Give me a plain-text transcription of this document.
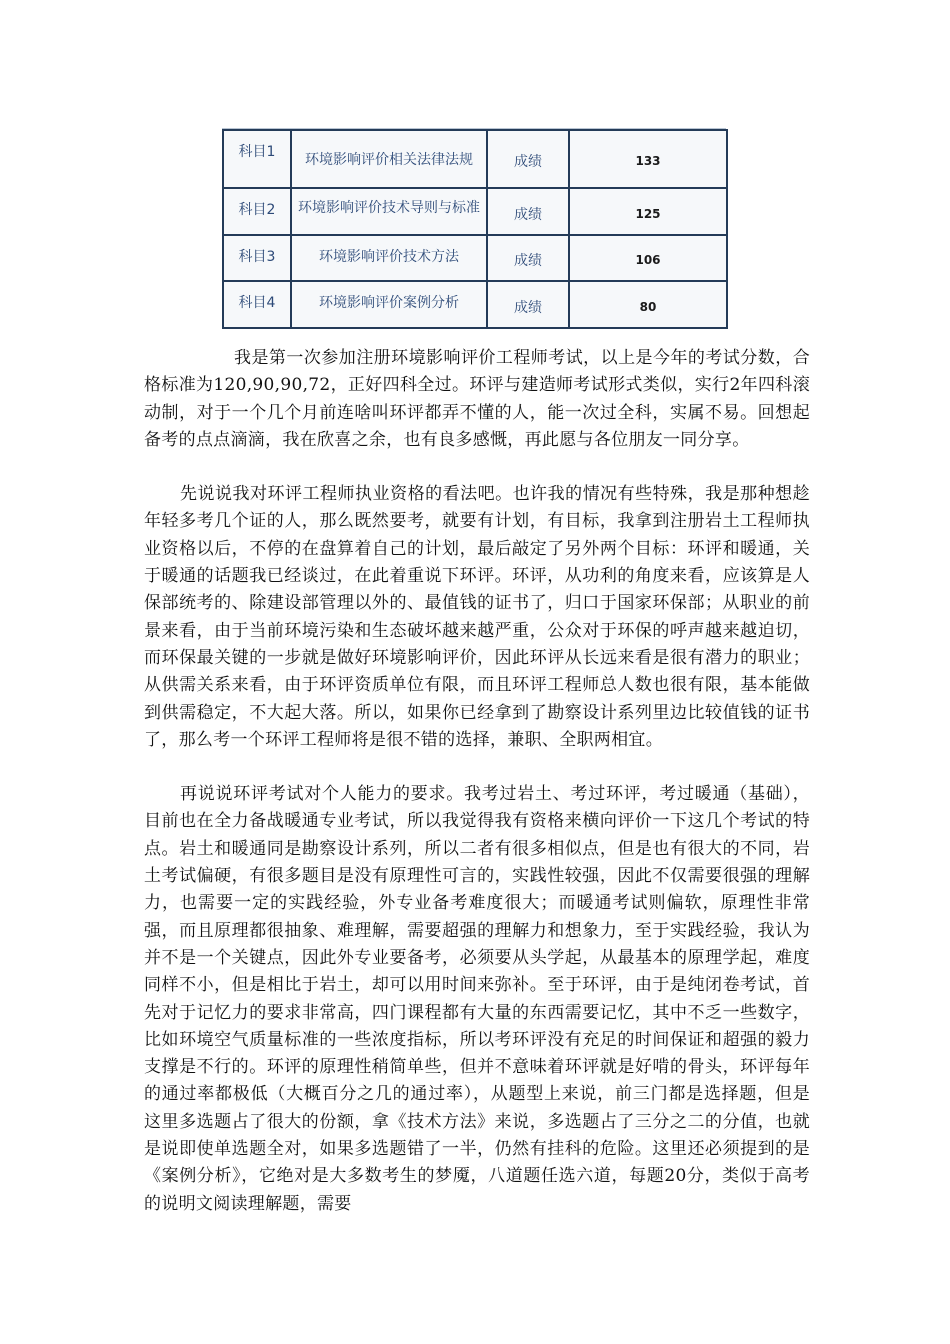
科目1	环境影响评价相关法律法规	成绩	133
科目2	环境影响评价技术导则与标准	成绩	125
科目3	环境影响评价技术方法	成绩	106
科目4	环境影响评价案例分析	成绩	80

我是第一次参加注册环境影响评价工程师考试，以上是今年的考试分数，合格标准为120,90,90,72，正好四科全过。环评与建造师考试形式类似，实行2年四科滚动制，对于一个几个月前连啥叫环评都弄不懂的人，能一次过全科，实属不易。回想起备考的点点滴滴，我在欣喜之余，也有良多感慨，再此愿与各位朋友一同分享。

先说说我对环评工程师执业资格的看法吧。也许我的情况有些特殊，我是那种想趁年轻多考几个证的人，那么既然要考，就要有计划，有目标，我拿到注册岩土工程师执业资格以后，不停的在盘算着自己的计划，最后敲定了另外两个目标：环评和暖通，关于暖通的话题我已经谈过，在此着重说下环评。环评，从功利的角度来看，应该算是人保部统考的、除建设部管理以外的、最值钱的证书了，归口于国家环保部；从职业的前景来看，由于当前环境污染和生态破坏越来越严重，公众对于环保的呼声越来越迫切，而环保最关键的一步就是做好环境影响评价，因此环评从长远来看是很有潜力的职业；从供需关系来看，由于环评资质单位有限，而且环评工程师总人数也很有限，基本能做到供需稳定，不大起大落。所以，如果你已经拿到了勘察设计系列里边比较值钱的证书了，那么考一个环评工程师将是很不错的选择，兼职、全职两相宜。

再说说环评考试对个人能力的要求。我考过岩土、考过环评，考过暖通（基础），目前也在全力备战暖通专业考试，所以我觉得我有资格来横向评价一下这几个考试的特点。岩土和暖通同是勘察设计系列，所以二者有很多相似点，但是也有很大的不同，岩土考试偏硬，有很多题目是没有原理性可言的，实践性较强，因此不仅需要很强的理解力，也需要一定的实践经验，外专业备考难度很大；而暖通考试则偏软，原理性非常强，而且原理都很抽象、难理解，需要超强的理解力和想象力，至于实践经验，我认为并不是一个关键点，因此外专业要备考，必须要从头学起，从最基本的原理学起，难度同样不小，但是相比于岩土，却可以用时间来弥补。至于环评，由于是纯闭卷考试，首先对于记忆力的要求非常高，四门课程都有大量的东西需要记忆，其中不乏一些数字，比如环境空气质量标准的一些浓度指标，所以考环评没有充足的时间保证和超强的毅力支撑是不行的。环评的原理性稍简单些，但并不意味着环评就是好啃的骨头，环评每年的通过率都极低（大概百分之几的通过率），从题型上来说，前三门都是选择题，但是这里多选题占了很大的份额，拿《技术方法》来说，多选题占了三分之二的分值，也就是说即使单选题全对，如果多选题错了一半，仍然有挂科的危险。这里还必须提到的是《案例分析》，它绝对是大多数考生的梦魇，八道题任选六道，每题20分，类似于高考的说明文阅读理解题，需要
